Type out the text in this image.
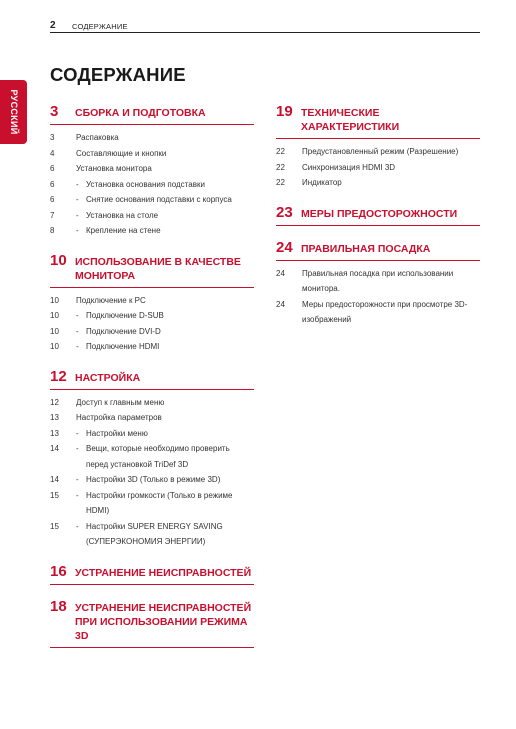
2 СОДЕРЖАНИЕ
РУССКИЙ
СОДЕРЖАНИЕ
3	СБОРКА И ПОДГОТОВКА
3	Распаковка
4	Составляющие и кнопки
6	Установка монитора
6	- Установка основания подставки
6	- Снятие основания подставки с корпуса
7	- Установка на столе
8	- Крепление на стене
10 ИСПОЛЬЗОВАНИЕ В КАЧЕСТВЕ МОНИТОРА
10	Подключение к PC
10	- Подключение D-SUB
10	- Подключение DVI-D
10	- Подключение HDMI
12 НАСТРОЙКА
12	Доступ к главным меню
13	Настройка параметров
13	- Настройки меню
14	- Вещи, которые необходимо проверить перед установкой TriDef 3D
14	- Настройки 3D (Только в режиме 3D)
15	- Настройки громкости (Только в режиме HDMI)
15	- Настройки SUPER ENERGY SAVING (СУПЕРЭКОНОМИЯ ЭНЕРГИИ)
16 УСТРАНЕНИЕ НЕИСПРАВНОСТЕЙ
18 УСТРАНЕНИЕ НЕИСПРАВНОСТЕЙ ПРИ ИСПОЛЬЗОВАНИИ РЕЖИМА 3D
19 ТЕХНИЧЕСКИЕ ХАРАКТЕРИСТИКИ
22	Предустановленный режим (Разрешение)
22	Синхронизация HDMI 3D
22	Индикатор
23 МЕРЫ ПРЕДОСТОРОЖНОСТИ
24 ПРАВИЛЬНАЯ ПОСАДКА
24	Правильная посадка при использовании монитора.
24	Меры предосторожности при просмотре 3D-изображений
